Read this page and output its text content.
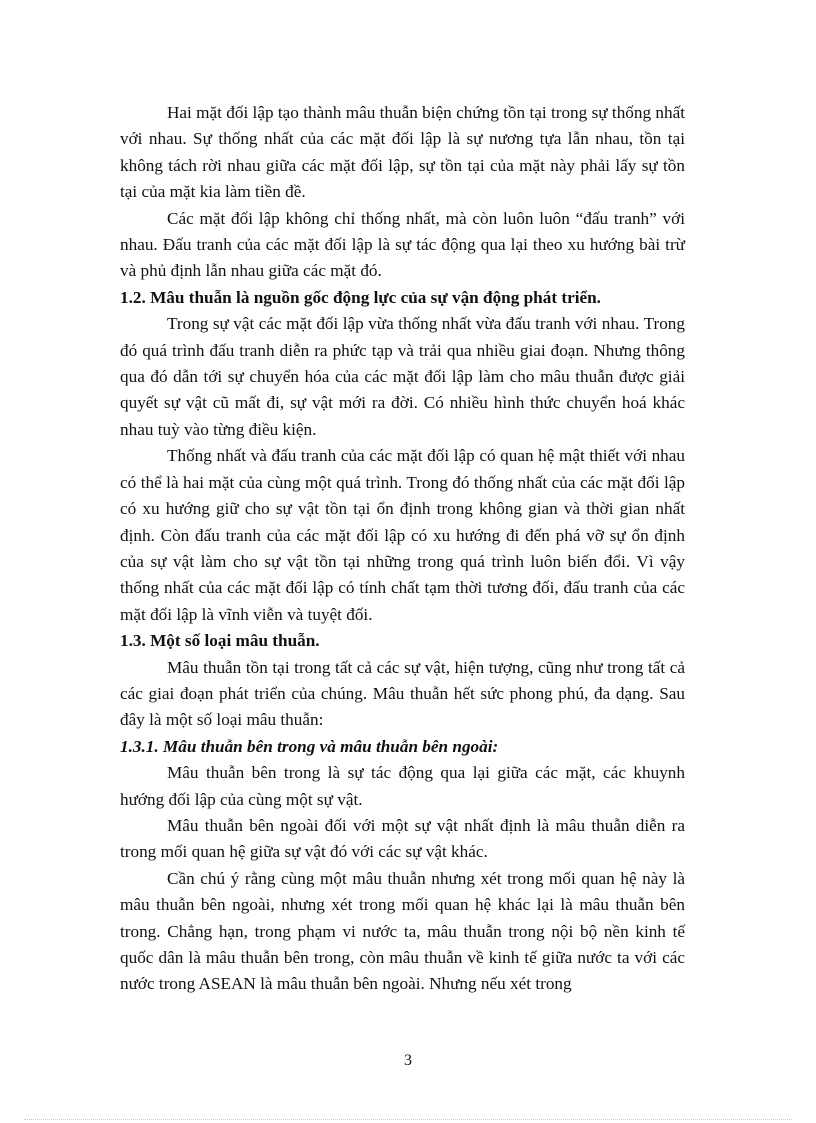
Hai mặt đối lập tạo thành mâu thuẫn biện chứng tồn tại trong sự thống nhất với nhau. Sự thống nhất của các mặt đối lập là sự nương tựa lẫn nhau, tồn tại không tách rời nhau giữa các mặt đối lập, sự tồn tại của mặt này phải lấy sự tồn tại của mặt kia làm tiền đề.

Các mặt đối lập không chỉ thống nhất, mà còn luôn luôn “đấu tranh” với nhau. Đấu tranh của các mặt đối lập là sự tác động qua lại theo xu hướng bài trừ và phủ định lẫn nhau giữa các mặt đó.

1.2. Mâu thuẫn là nguồn gốc động lực của sự vận động phát triển.

Trong sự vật các mặt đối lập vừa thống nhất vừa đấu tranh với nhau. Trong đó quá trình đấu tranh diễn ra phức tạp và trải qua nhiều giai đoạn. Nhưng thông qua đó dẫn tới sự chuyển hóa của các mặt đối lập làm cho mâu thuẫn được giải quyết sự vật cũ mất đi, sự vật mới ra đời. Có nhiều hình thức chuyển hoá khác nhau tuỳ vào từng điều kiện.

Thống nhất và đấu tranh của các mặt đối lập có quan hệ mật thiết với nhau có thể là hai mặt của cùng một quá trình. Trong đó thống nhất của các mặt đối lập có xu hướng giữ cho sự vật tồn tại ổn định trong không gian và thời gian nhất định. Còn đấu tranh của các mặt đối lập có xu hướng đi đến phá vỡ sự ổn định của sự vật làm cho sự vật tồn tại những trong quá trình luôn biến đổi. Vì vậy thống nhất của các mặt đối lập có tính chất tạm thời tương đối, đấu tranh của các mặt đối lập là vĩnh viễn và tuyệt đối.

1.3. Một số loại mâu thuẫn.

Mâu thuẫn tồn tại trong tất cả các sự vật, hiện tượng, cũng như trong tất cả các giai đoạn phát triển của chúng. Mâu thuẫn hết sức phong phú, đa dạng. Sau đây là một số loại mâu thuẫn:

1.3.1. Mâu thuẫn bên trong và mâu thuẫn bên ngoài:

Mâu thuẫn bên trong là sự tác động qua lại giữa các mặt, các khuynh hướng đối lập của cùng một sự vật.

Mâu thuẫn bên ngoài đối với một sự vật nhất định là mâu thuẫn diễn ra trong mối quan hệ giữa sự vật đó với các sự vật khác.

Cần chú ý rằng cùng một mâu thuẫn nhưng xét trong mối quan hệ này là mâu thuẫn bên ngoài, nhưng xét trong mối quan hệ khác lại là mâu thuẫn bên trong. Chẳng hạn, trong phạm vi nước ta, mâu thuẫn trong nội bộ nền kinh tế quốc dân là mâu thuẫn bên trong, còn mâu thuẫn về kinh tế giữa nước ta với các nước trong ASEAN là mâu thuẫn bên ngoài. Nhưng nếu xét trong

3
